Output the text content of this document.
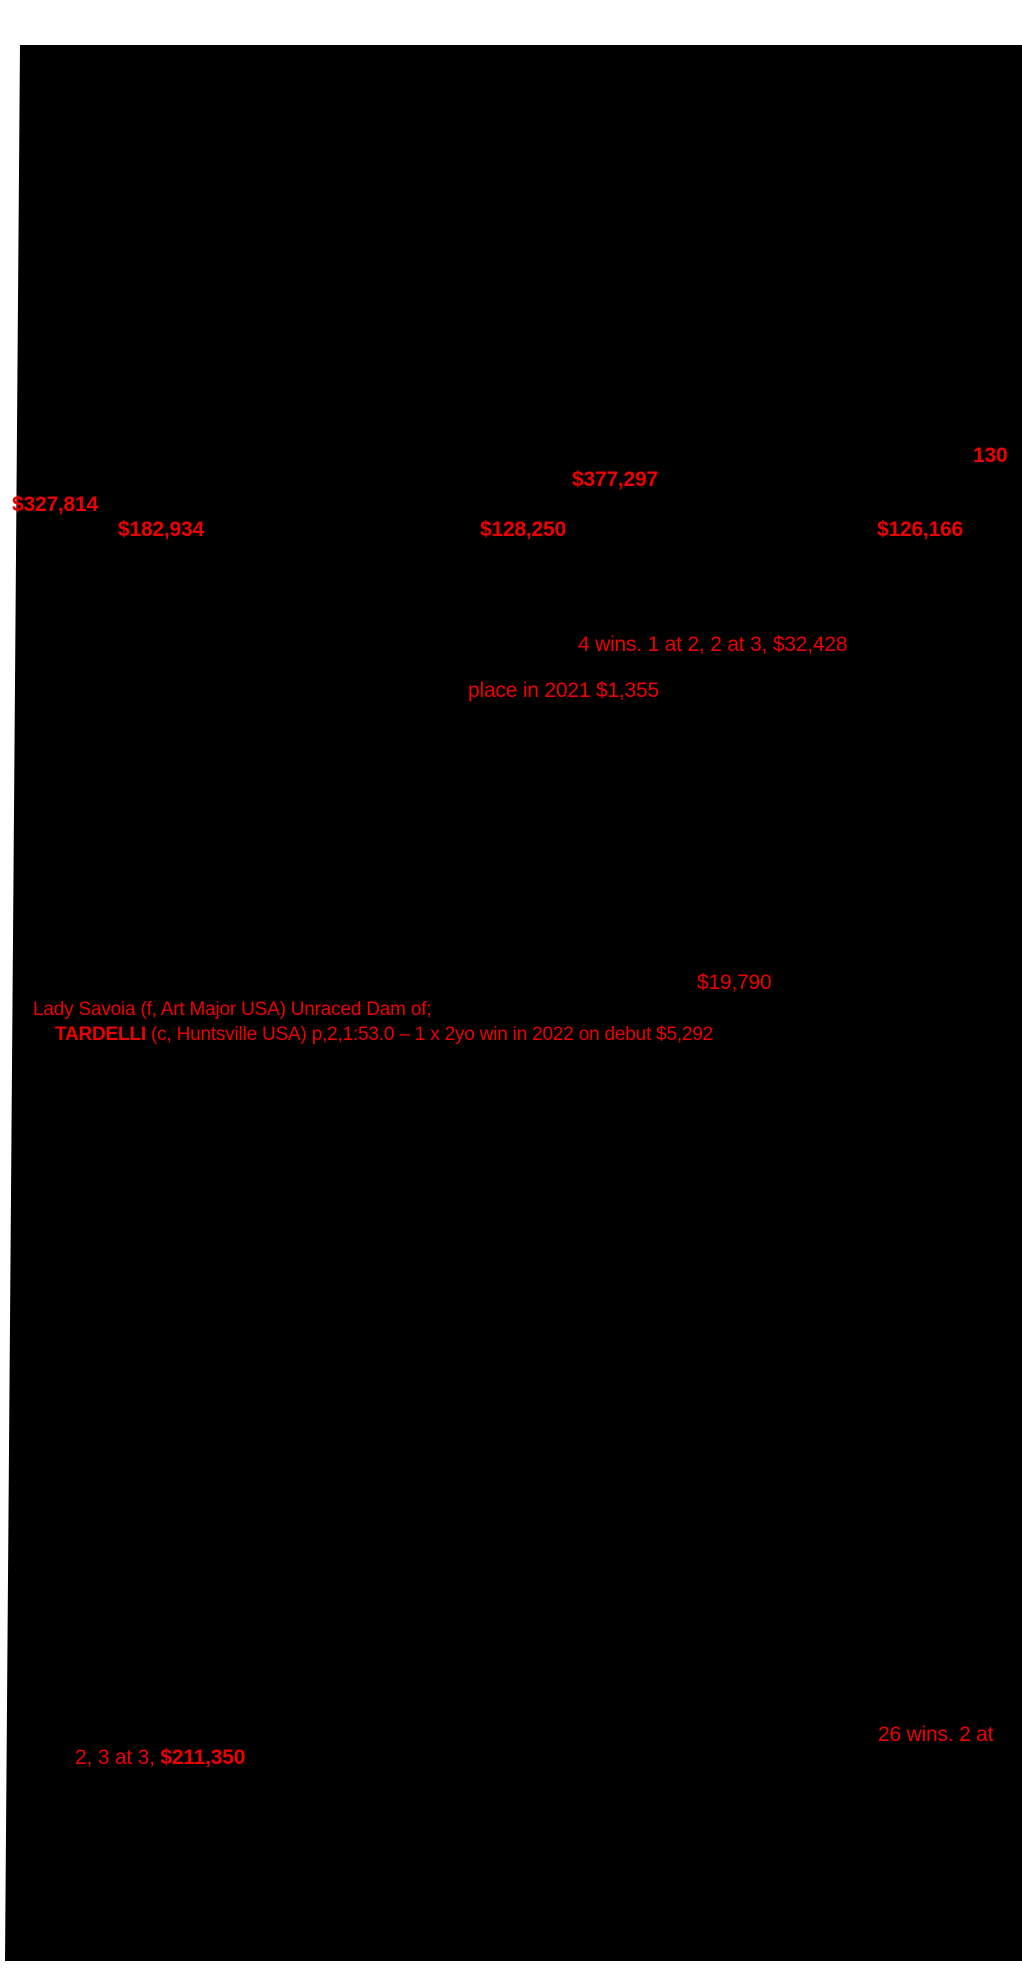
130
$377,297
$327,814
$182,934	$128,250	$126,166
4 wins. 1 at 2, 2 at 3, $32,428
place in 2021 $1,355
$19,790
Lady Savoia (f, Art Major USA) Unraced Dam of;
TARDELLI (c, Huntsville USA) p,2,1:53.0 – 1 x 2yo win in 2022 on debut $5,292
26 wins. 2 at
2, 3 at 3, $211,350
